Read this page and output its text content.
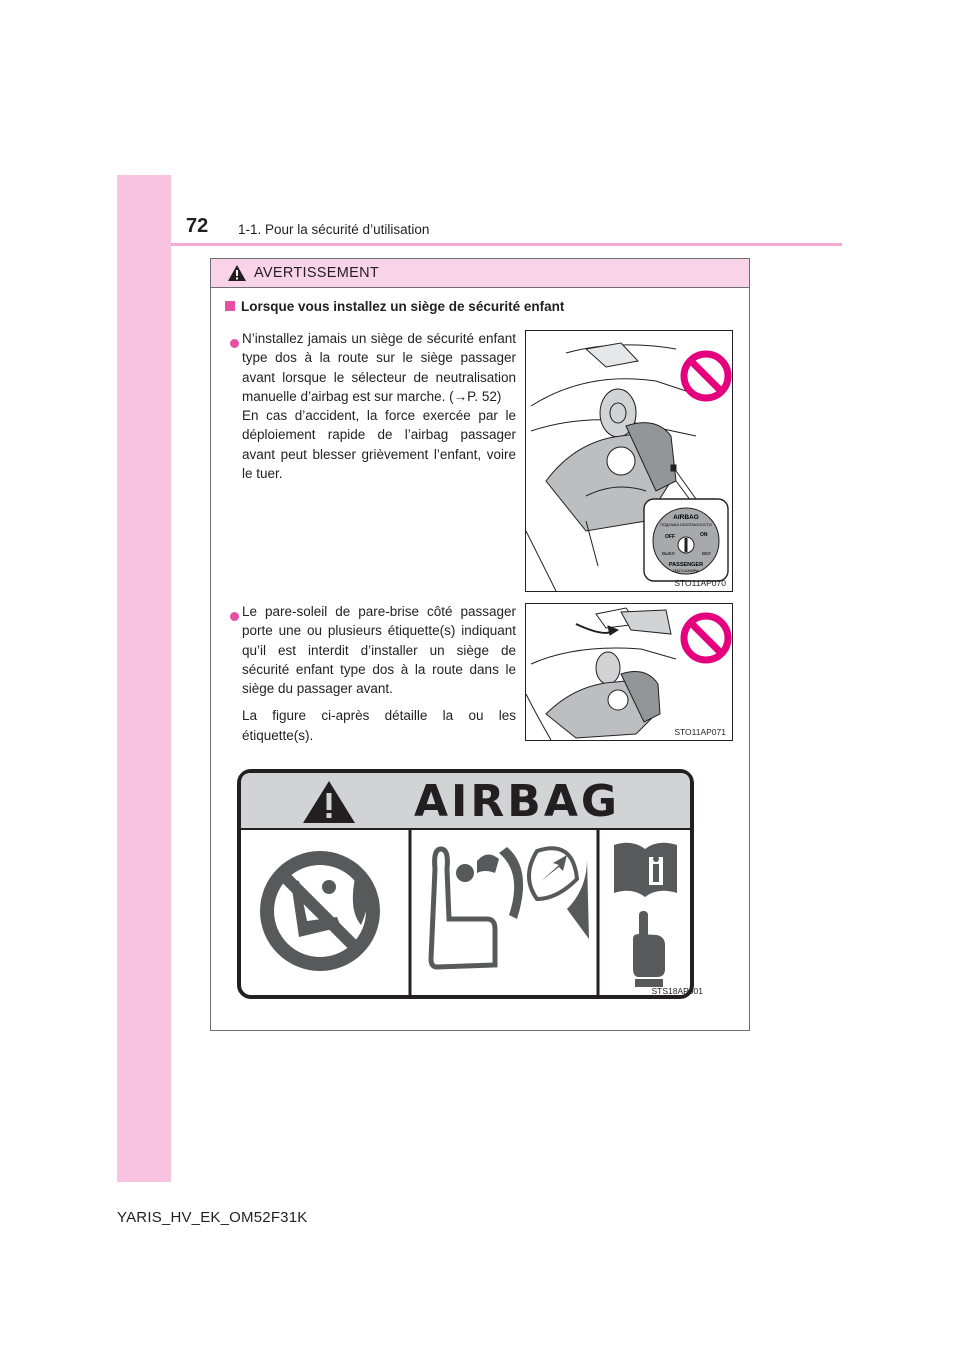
72 1-1. Pour la sécurité d’utilisation
AVERTISSEMENT
Lorsque vous installez un siège de sécurité enfant
N’installez jamais un siège de sécurité enfant type dos à la route sur le siège passager avant lorsque le sélecteur de neutralisation manuelle d’airbag est sur marche. (→P. 52)
En cas d’accident, la force exercée par le déploiement rapide de l’airbag passager avant peut blesser grièvement l’enfant, voire le tuer.
AIRBAG
ПОДУШКА БЕЗОПАСНОСТИ
OFF	ON
ВЫКЛ	ВКЛ
PASSENGER
ПАССАЖИРА
STO11AP070
Le pare-soleil de pare-brise côté passager porte une ou plusieurs étiquette(s) indiquant qu’il est interdit d’installer un siège de sécurité enfant type dos à la route dans le siège du passager avant.
La figure ci-après détaille la ou les étiquette(s).	STO11AP071
AIRBAG
STS18AP001
YARIS_HV_EK_OM52F31K
